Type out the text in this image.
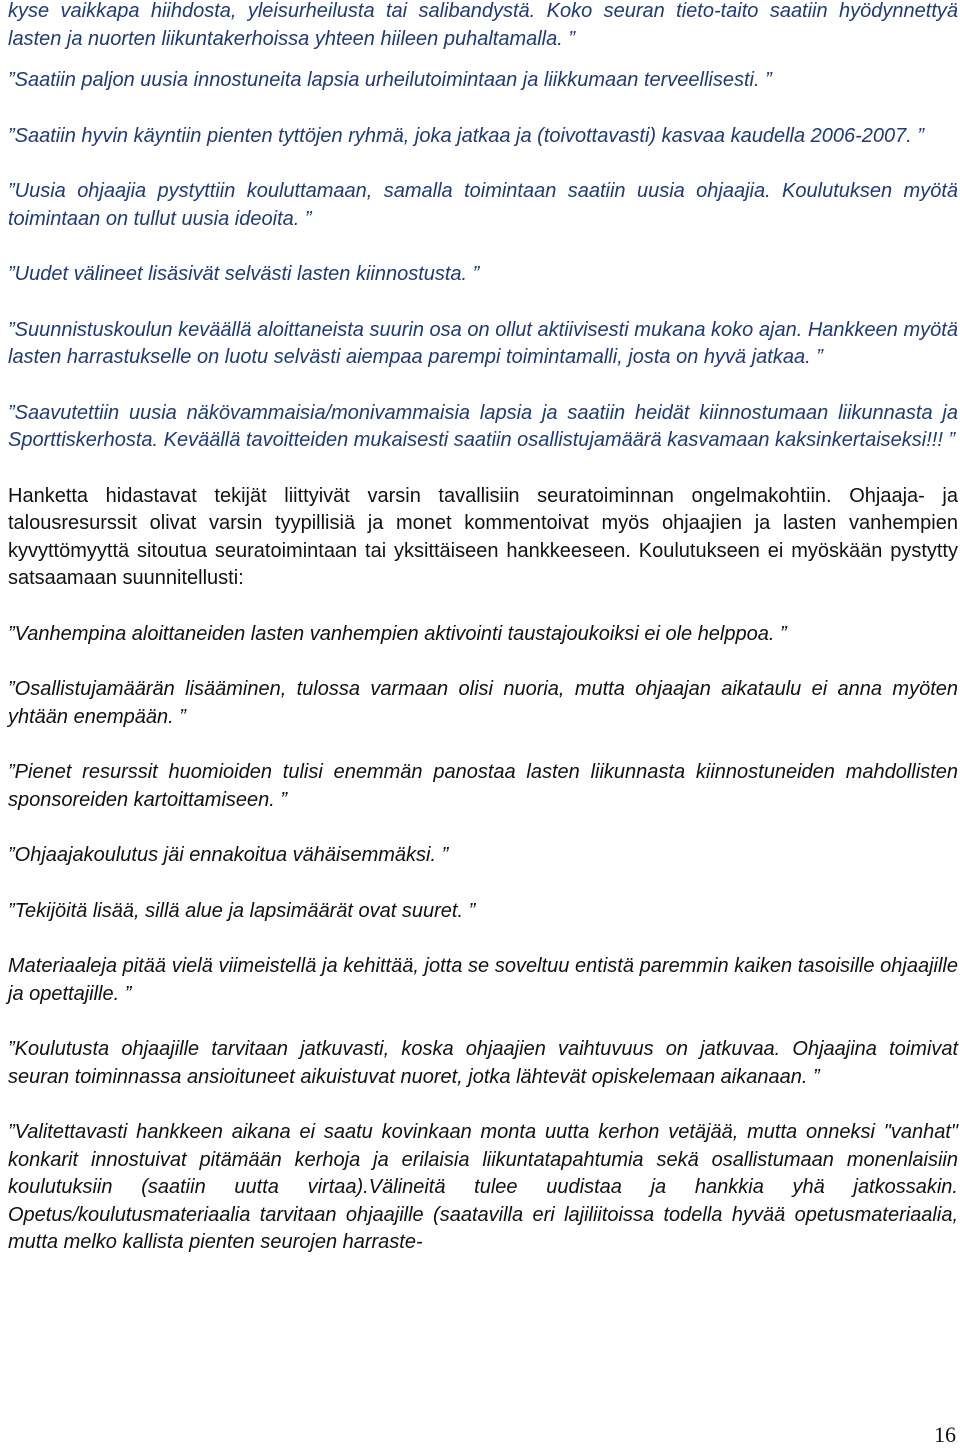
kyse vaikkapa hiihdosta, yleisurheilusta tai salibandystä. Koko seuran tieto-taito saatiin hyödynnettyä lasten ja nuorten liikuntakerhoissa yhteen hiileen puhaltamalla. ”

”Saatiin paljon uusia innostuneita lapsia urheilutoimintaan ja liikkumaan terveellisesti. ”

”Saatiin hyvin käyntiin pienten tyttöjen ryhmä, joka jatkaa ja (toivottavasti) kasvaa kaudella 2006-2007. ”

”Uusia ohjaajia pystyttiin kouluttamaan, samalla toimintaan saatiin uusia ohjaajia. Koulutuksen myötä toimintaan on tullut uusia ideoita. ”

”Uudet välineet lisäsivät selvästi lasten kiinnostusta. ”

”Suunnistuskoulun keväällä aloittaneista suurin osa on ollut aktiivisesti mukana koko ajan. Hankkeen myötä lasten harrastukselle on luotu selvästi aiempaa parempi toimintamalli, josta on hyvä jatkaa. ”

”Saavutettiin uusia näkövammaisia/monivammaisia lapsia ja saatiin heidät kiinnostumaan liikunnasta ja Sporttiskerhosta. Keväällä tavoitteiden mukaisesti saatiin osallistujamäärä kasvamaan kaksinkertaiseksi!!! ”

Hanketta hidastavat tekijät liittyivät varsin tavallisiin seuratoiminnan ongelmakohtiin. Ohjaaja- ja talousresurssit olivat varsin tyypillisiä ja monet kommentoivat myös ohjaajien ja lasten vanhempien kyvyttömyyttä sitoutua seuratoimintaan tai yksittäiseen hankkeeseen. Koulutukseen ei myöskään pystytty satsaamaan suunnitellusti:

”Vanhempina aloittaneiden lasten vanhempien aktivointi taustajoukoiksi ei ole helppoa. ”

”Osallistujamäärän lisääminen, tulossa varmaan olisi nuoria, mutta ohjaajan aikataulu ei anna myöten yhtään enempään. ”

”Pienet resurssit huomioiden tulisi enemmän panostaa lasten liikunnasta kiinnostuneiden mahdollisten sponsoreiden kartoittamiseen. ”

”Ohjaajakoulutus jäi ennakoitua vähäisemmäksi. ”

”Tekijöitä lisää, sillä alue ja lapsimäärät ovat suuret. ”

Materiaaleja pitää vielä viimeistellä ja kehittää, jotta se soveltuu entistä paremmin kaiken tasoisille ohjaajille ja opettajille. ”

”Koulutusta ohjaajille tarvitaan jatkuvasti, koska ohjaajien vaihtuvuus on jatkuvaa. Ohjaajina toimivat seuran toiminnassa ansioituneet aikuistuvat nuoret, jotka lähtevät opiskelemaan aikanaan. ”

”Valitettavasti hankkeen aikana ei saatu kovinkaan monta uutta kerhon vetäjää, mutta onneksi "vanhat" konkarit innostuivat pitämään kerhoja ja erilaisia liikuntatapahtumia sekä osallistumaan monenlaisiin koulutuksiin (saatiin uutta virtaa).Välineitä tulee uudistaa ja hankkia yhä jatkossakin. Opetus/koulutusmateriaalia tarvitaan ohjaajille (saatavilla eri lajiliitoissa todella hyvää opetusmateriaalia, mutta melko kallista pienten seurojen harraste-

16
